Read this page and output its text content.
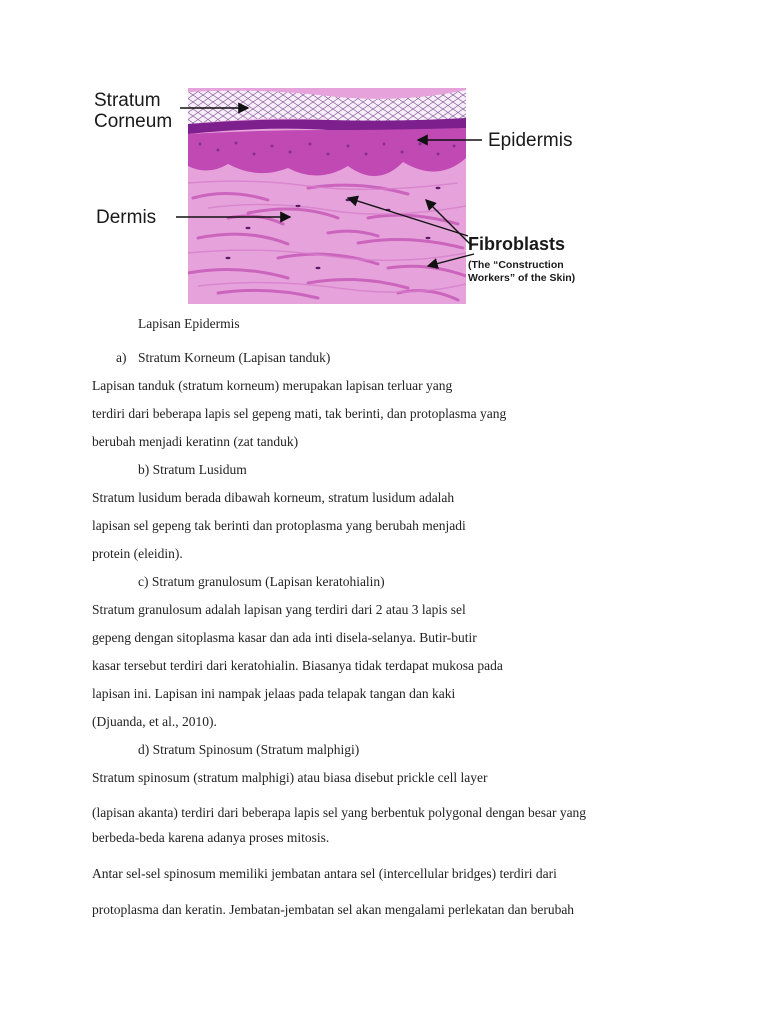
Stratum
Corneum
Epidermis
Dermis
Fibroblasts
(The “Construction
Workers” of the Skin)
Lapisan Epidermis
a) Stratum Korneum (Lapisan tanduk)
Lapisan tanduk (stratum korneum) merupakan lapisan terluar yang
terdiri dari beberapa lapis sel gepeng mati, tak berinti, dan protoplasma yang
berubah menjadi keratinn (zat tanduk)
b) Stratum Lusidum
Stratum lusidum berada dibawah korneum, stratum lusidum adalah
lapisan sel gepeng tak berinti dan protoplasma yang berubah menjadi
protein (eleidin).
c) Stratum granulosum (Lapisan keratohialin)
Stratum granulosum adalah lapisan yang terdiri dari 2 atau 3 lapis sel
gepeng dengan sitoplasma kasar dan ada inti disela-selanya. Butir-butir
kasar tersebut terdiri dari keratohialin. Biasanya tidak terdapat mukosa pada
lapisan ini. Lapisan ini nampak jelaas pada telapak tangan dan kaki
(Djuanda, et al., 2010).
d) Stratum Spinosum (Stratum malphigi)
Stratum spinosum (stratum malphigi) atau biasa disebut prickle cell layer
(lapisan akanta) terdiri dari beberapa lapis sel yang berbentuk polygonal dengan besar yang
berbeda-beda karena adanya proses mitosis.
Antar sel-sel spinosum memiliki jembatan antara sel (intercellular bridges) terdiri dari
protoplasma dan keratin. Jembatan-jembatan sel akan mengalami perlekatan dan berubah
